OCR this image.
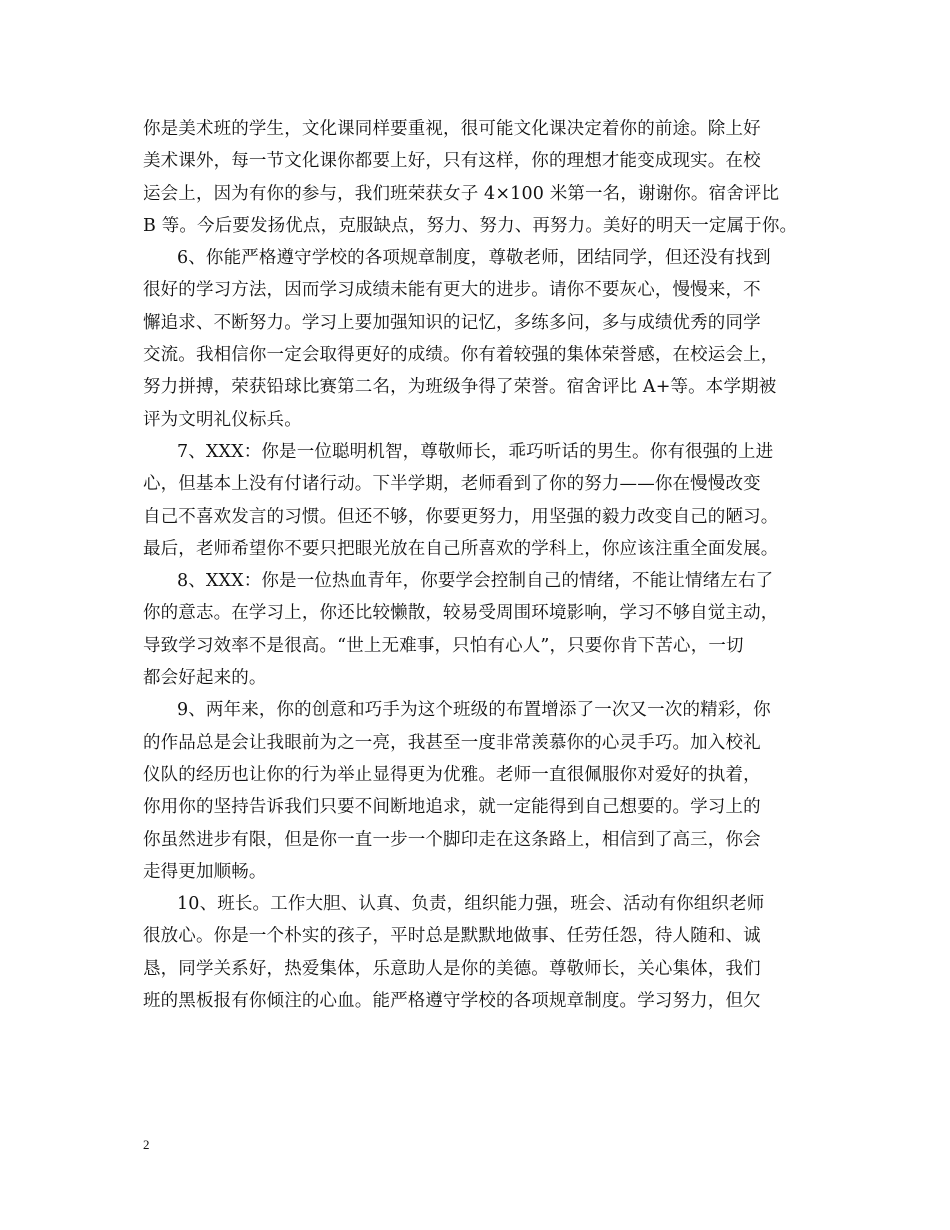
你是美术班的学生，文化课同样要重视，很可能文化课决定着你的前途。除上好
美术课外，每一节文化课你都要上好，只有这样，你的理想才能变成现实。在校
运会上，因为有你的参与，我们班荣获女子 4×100 米第一名，谢谢你。宿舍评比
B 等。今后要发扬优点，克服缺点，努力、努力、再努力。美好的明天一定属于你。
6、你能严格遵守学校的各项规章制度，尊敬老师，团结同学，但还没有找到
很好的学习方法，因而学习成绩未能有更大的进步。请你不要灰心，慢慢来，不
懈追求、不断努力。学习上要加强知识的记忆，多练多问，多与成绩优秀的同学
交流。我相信你一定会取得更好的成绩。你有着较强的集体荣誉感，在校运会上，
努力拼搏，荣获铅球比赛第二名，为班级争得了荣誉。宿舍评比 A+等。本学期被
评为文明礼仪标兵。
7、XXX：你是一位聪明机智，尊敬师长，乖巧听话的男生。你有很强的上进
心，但基本上没有付诸行动。下半学期，老师看到了你的努力——你在慢慢改变
自己不喜欢发言的习惯。但还不够，你要更努力，用坚强的毅力改变自己的陋习。
最后，老师希望你不要只把眼光放在自己所喜欢的学科上，你应该注重全面发展。
8、XXX：你是一位热血青年，你要学会控制自己的情绪，不能让情绪左右了
你的意志。在学习上，你还比较懒散，较易受周围环境影响，学习不够自觉主动，
导致学习效率不是很高。“世上无难事，只怕有心人”，只要你肯下苦心，一切
都会好起来的。
9、两年来，你的创意和巧手为这个班级的布置增添了一次又一次的精彩，你
的作品总是会让我眼前为之一亮，我甚至一度非常羡慕你的心灵手巧。加入校礼
仪队的经历也让你的行为举止显得更为优雅。老师一直很佩服你对爱好的执着，
你用你的坚持告诉我们只要不间断地追求，就一定能得到自己想要的。学习上的
你虽然进步有限，但是你一直一步一个脚印走在这条路上，相信到了高三，你会
走得更加顺畅。
10、班长。工作大胆、认真、负责，组织能力强，班会、活动有你组织老师
很放心。你是一个朴实的孩子，平时总是默默地做事、任劳任怨，待人随和、诚
恳，同学关系好，热爱集体，乐意助人是你的美德。尊敬师长，关心集体，我们
班的黑板报有你倾注的心血。能严格遵守学校的各项规章制度。学习努力，但欠
2
